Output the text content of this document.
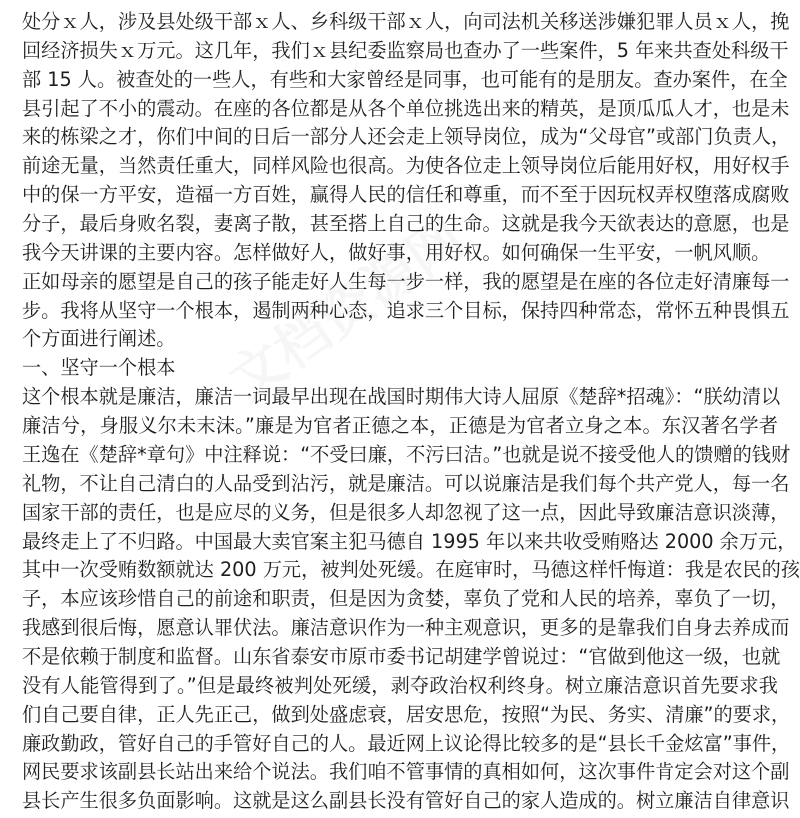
处分ｘ人，涉及县处级干部ｘ人、乡科级干部ｘ人，向司法机关移送涉嫌犯罪人员ｘ人，挽
回经济损失ｘ万元。这几年，我们ｘ县纪委监察局也查办了一些案件，5 年来共查处科级干
部 15 人。被查处的一些人，有些和大家曾经是同事，也可能有的是朋友。查办案件，在全
县引起了不小的震动。在座的各位都是从各个单位挑选出来的精英，是顶瓜瓜人才，也是未
来的栋梁之才，你们中间的日后一部分人还会走上领导岗位，成为“父母官”或部门负责人，
前途无量，当然责任重大，同样风险也很高。为使各位走上领导岗位后能用好权，用好权手
中的保一方平安，造福一方百姓，赢得人民的信任和尊重，而不至于因玩权弄权堕落成腐败
分子，最后身败名裂，妻离子散，甚至搭上自己的生命。这就是我今天欲表达的意愿，也是
我今天讲课的主要内容。怎样做好人，做好事，用好权。如何确保一生平安，一帆风顺。
正如母亲的愿望是自己的孩子能走好人生每一步一样，我的愿望是在座的各位走好清廉每一
步。我将从坚守一个根本，遏制两种心态，追求三个目标，保持四种常态，常怀五种畏惧五
个方面进行阐述。
一、坚守一个根本
这个根本就是廉洁，廉洁一词最早出现在战国时期伟大诗人屈原《楚辞*招魂》：“朕幼清以
廉洁兮，身服义尔未末沫。”廉是为官者正德之本，正德是为官者立身之本。东汉著名学者
王逸在《楚辞*章句》中注释说：“不受曰廉，不污曰洁。”也就是说不接受他人的馈赠的钱财
礼物，不让自己清白的人品受到沾污，就是廉洁。可以说廉洁是我们每个共产党人，每一名
国家干部的责任，也是应尽的义务，但是很多人却忽视了这一点，因此导致廉洁意识淡薄，
最终走上了不归路。中国最大卖官案主犯马德自 1995 年以来共收受贿赂达 2000 余万元，
其中一次受贿数额就达 200 万元，被判处死缓。在庭审时，马德这样忏悔道：我是农民的孩
子，本应该珍惜自己的前途和职责，但是因为贪婪，辜负了党和人民的培养，辜负了一切，
我感到很后悔，愿意认罪伏法。廉洁意识作为一种主观意识，更多的是靠我们自身去养成而
不是依赖于制度和监督。山东省泰安市原市委书记胡建学曾说过：“官做到他这一级，也就
没有人能管得到了。”但是最终被判处死缓，剥夺政治权利终身。树立廉洁意识首先要求我
们自己要自律，正人先正己，做到处盛虑衰，居安思危，按照“为民、务实、清廉”的要求，
廉政勤政，管好自己的手管好自己的人。最近网上议论得比较多的是“县长千金炫富”事件，
网民要求该副县长站出来给个说法。我们咱不管事情的真相如何，这次事件肯定会对这个副
县长产生很多负面影响。这就是这么副县长没有管好自己的家人造成的。树立廉洁自律意识
